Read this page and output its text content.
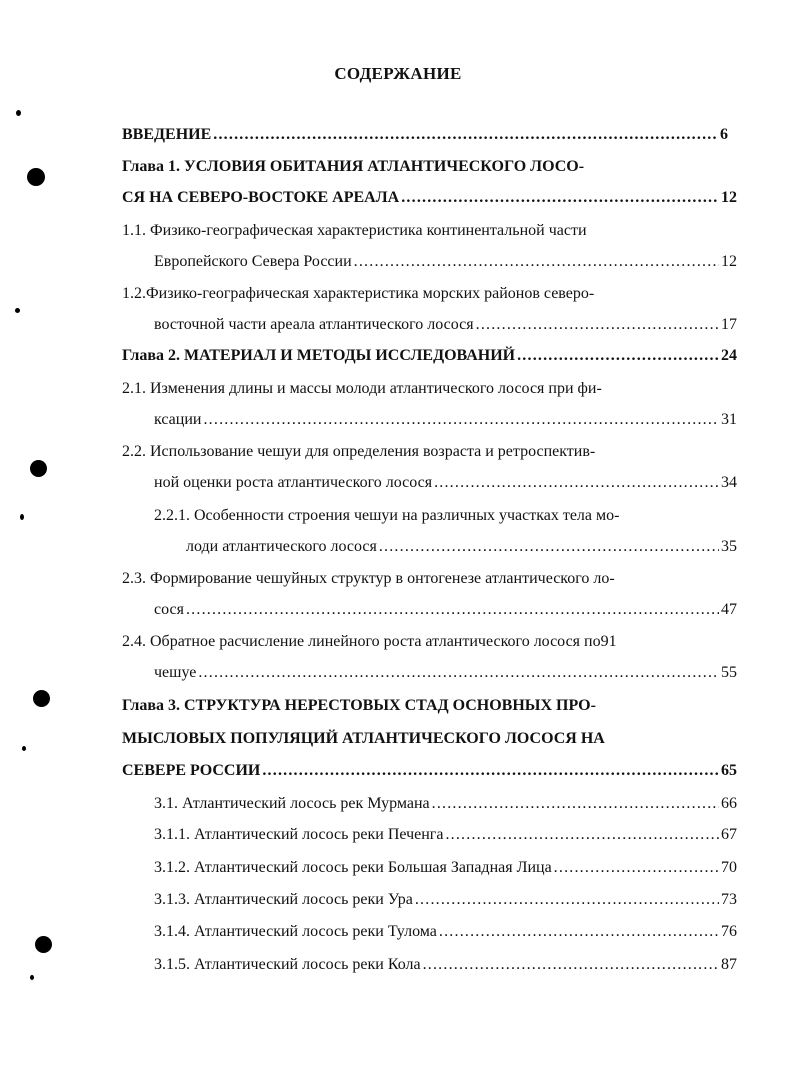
СОДЕРЖАНИЕ
ВВЕДЕНИЕ .....	6
Глава 1. УСЛОВИЯ ОБИТАНИЯ АТЛАНТИЧЕСКОГО ЛОСО-
СЯ НА СЕВЕРО-ВОСТОКЕ АРЕАЛА .....	12
1.1. Физико-географическая характеристика континентальной части
Европейского Севера России .....	12
1.2.Физико-географическая характеристика морских районов северо-
восточной части ареала атлантического лосося .....	17
Глава 2. МАТЕРИАЛ И МЕТОДЫ ИССЛЕДОВАНИЙ .....	24
2.1. Изменения длины и массы молоди атлантического лосося при фи-
ксации .....	31
2.2. Использование чешуи для определения возраста и ретроспектив-
ной оценки роста атлантического лосося .....	34
2.2.1. Особенности строения чешуи на различных участках тела мо-
лоди атлантического лосося .....	35
2.3. Формирование чешуйных структур в онтогенезе атлантического ло-
сося .....	47
2.4. Обратное расчисление линейного роста атлантического лосося по91
чешуе .....	55
Глава 3. СТРУКТУРА НЕРЕСТОВЫХ СТАД ОСНОВНЫХ ПРО-
МЫСЛОВЫХ ПОПУЛЯЦИЙ АТЛАНТИЧЕСКОГО ЛОСОСЯ НА
СЕВЕРЕ РОССИИ .....	65
3.1. Атлантический лосось рек Мурмана .....	66
3.1.1. Атлантический лосось реки Печенга .....	67
3.1.2. Атлантический лосось реки Большая Западная Лица .....	70
3.1.3. Атлантический лосось реки Ура .....	73
3.1.4. Атлантический лосось реки Тулома .....	76
3.1.5. Атлантический лосось реки Кола .....	87
